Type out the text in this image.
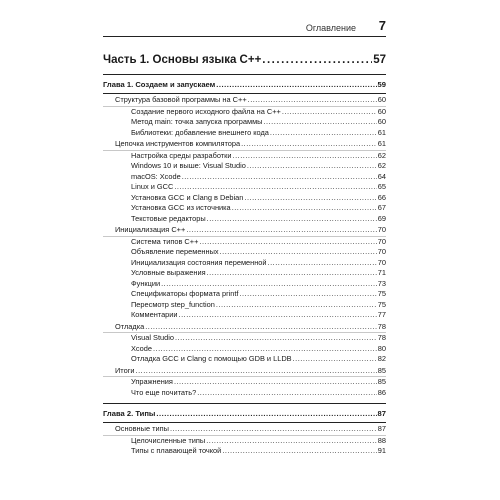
Оглавление 7
Часть 1. Основы языка C++ .....	57
Глава 1. Создаем и запускаем .....	59
Структура базовой программы на C++ .....	60
Создание первого исходного файла на C++ .....	60
Метод main: точка запуска программы .....	60
Библиотеки: добавление внешнего кода .....	61
Цепочка инструментов компилятора .....	61
Настройка среды разработки .....	62
Windows 10 и выше: Visual Studio .....	62
macOS: Xcode .....	64
Linux и GCC .....	65
Установка GCC и Clang в Debian .....	66
Установка GCC из источника .....	67
Текстовые редакторы .....	69
Инициализация C++ .....	70
Система типов C++ .....	70
Объявление переменных .....	70
Инициализация состояния переменной .....	70
Условные выражения .....	71
Функции .....	73
Спецификаторы формата printf .....	75
Пересмотр step_function .....	75
Комментарии .....	77
Отладка .....	78
Visual Studio .....	78
Xcode .....	80
Отладка GCC и Clang с помощью GDB и LLDB .....	82
Итоги .....	85
Упражнения .....	85
Что еще почитать? .....	86
Глава 2. Типы .....	87
Основные типы .....	87
Целочисленные типы .....	88
Типы с плавающей точкой .....	91
